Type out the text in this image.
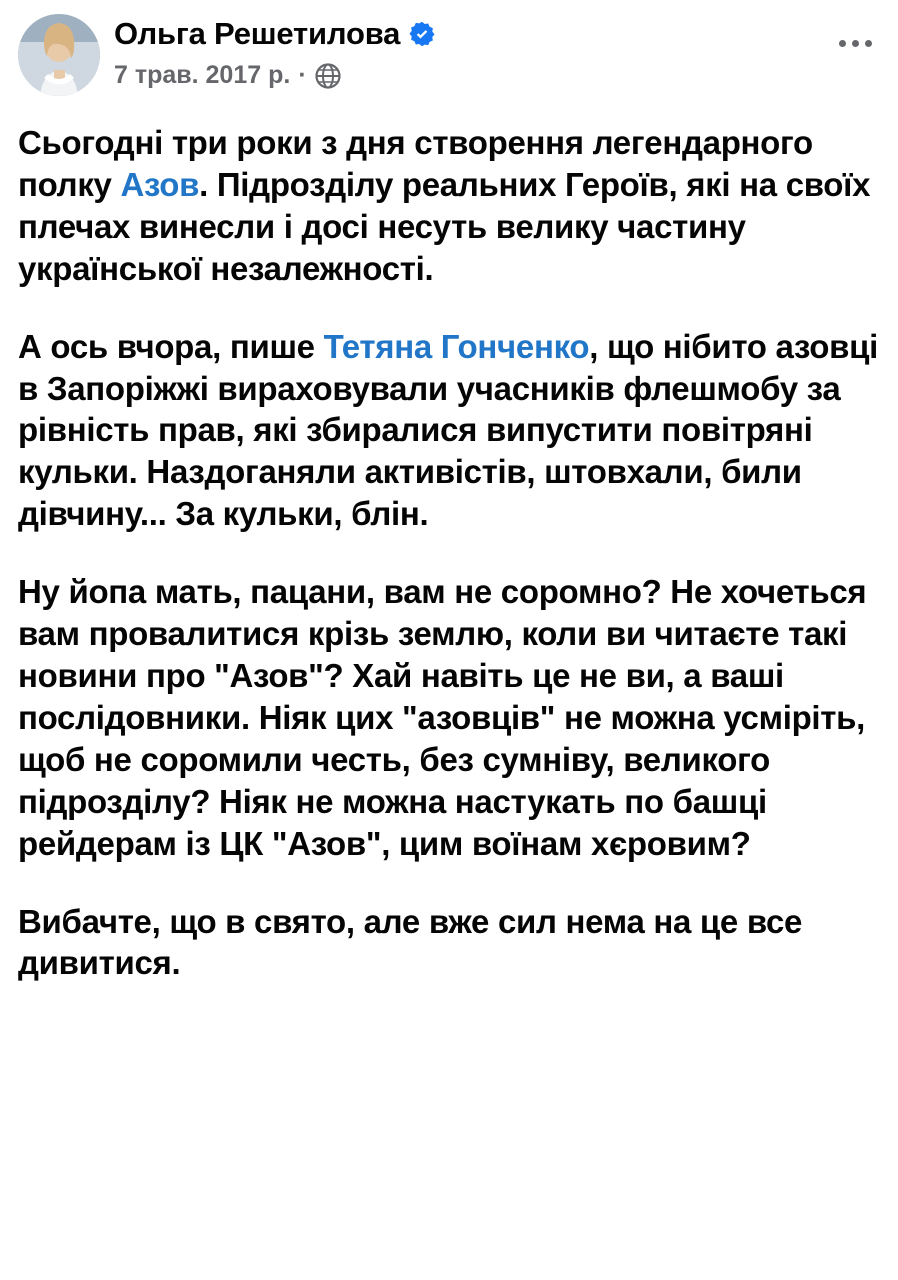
Ольга Решетилова
7 трав. 2017 р. ·

Сьогодні три роки з дня створення легендарного полку Азов. Підрозділу реальних Героїв, які на своїх плечах винесли і досі несуть велику частину української незалежності.

А ось вчора, пише Тетяна Гонченко, що нібито азовці в Запоріжжі вираховували учасників флешмобу за рівність прав, які збиралися випустити повітряні кульки. Наздоганяли активістів, штовхали, били дівчину... За кульки, блін.

Ну йопа мать, пацани, вам не соромно? Не хочеться вам провалитися крізь землю, коли ви читаєте такі новини про "Азов"? Хай навіть це не ви, а ваші послідовники. Ніяк цих "азовців" не можна усмірiть, щоб не соромили честь, без сумніву, великого підрозділу? Ніяк не можна настукать по башці рейдерам із ЦК "Азов", цим воїнам хєровим?

Вибачте, що в свято, але вже сил нема на це все дивитися.
